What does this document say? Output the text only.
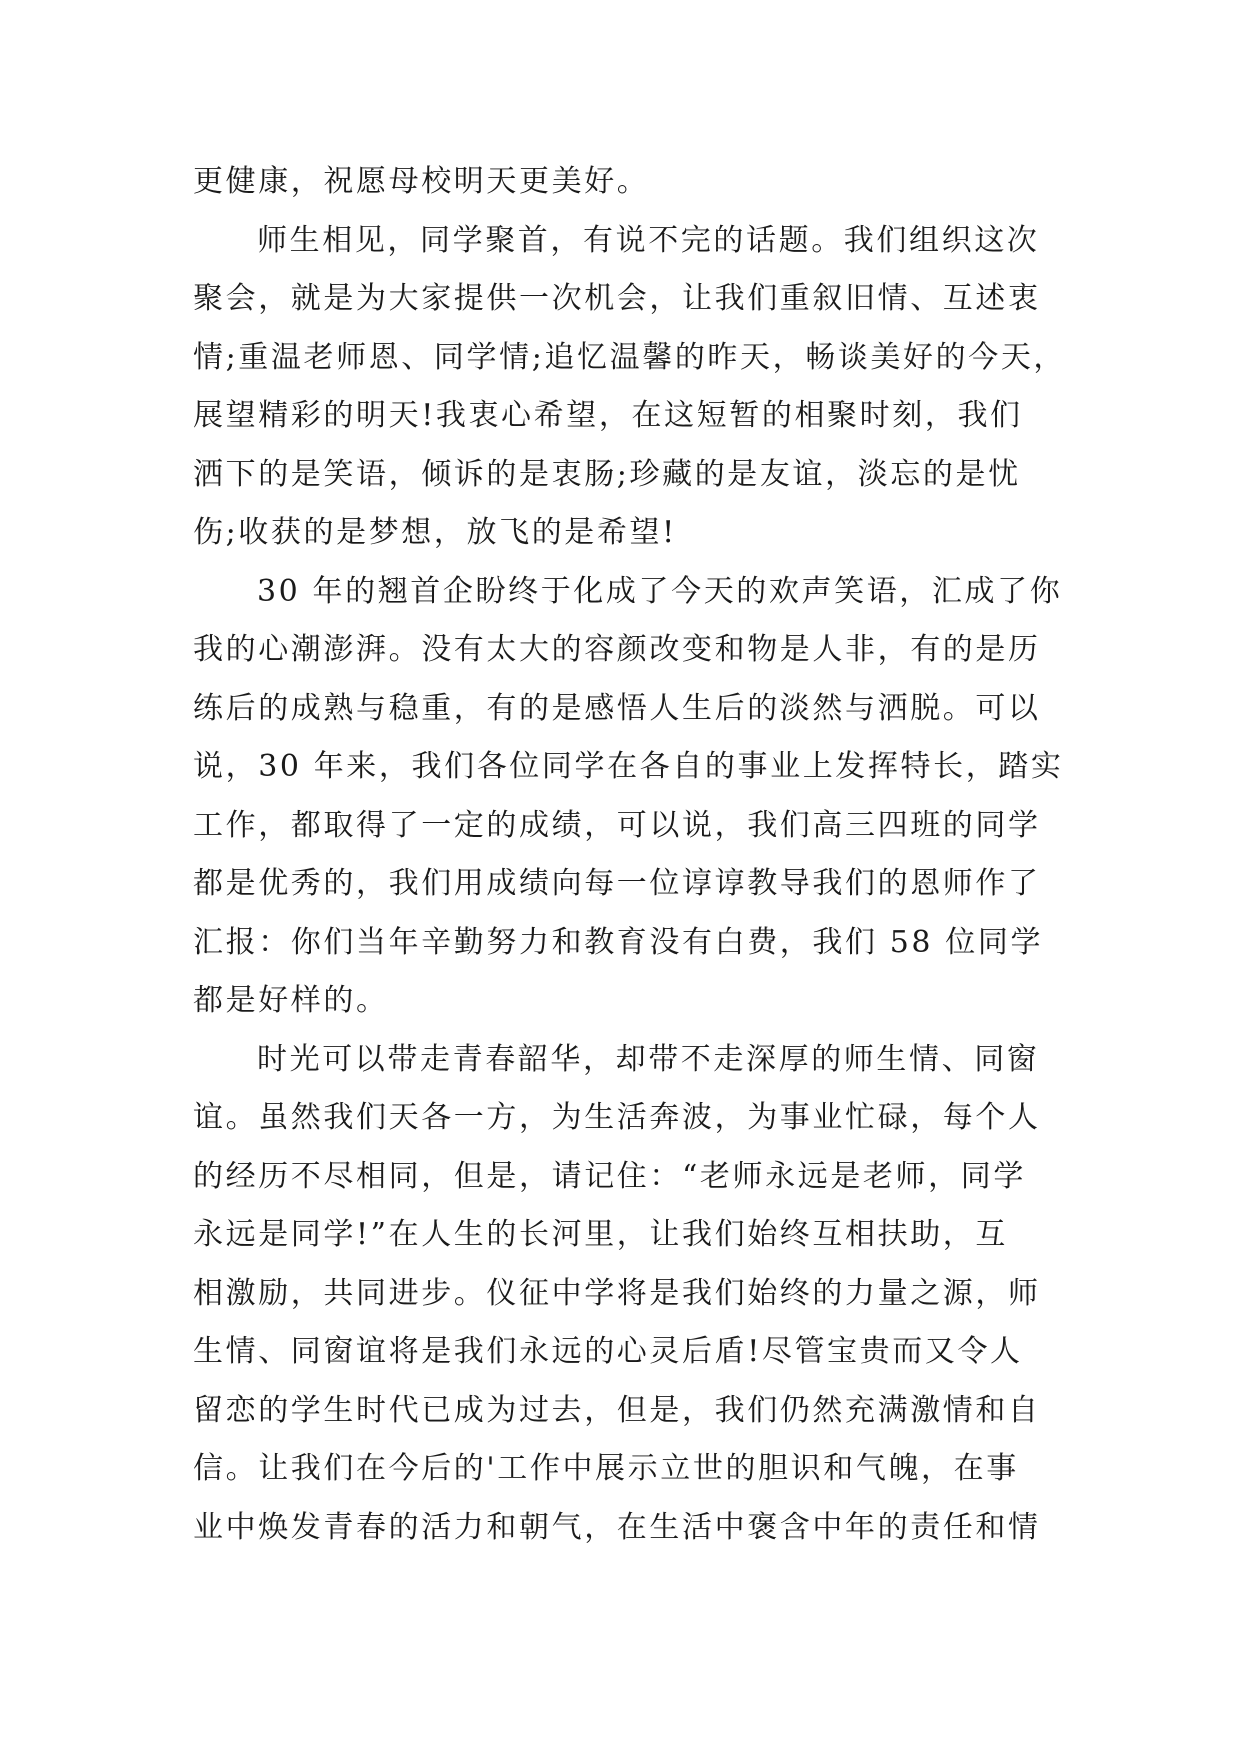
更健康，祝愿母校明天更美好。
师生相见，同学聚首，有说不完的话题。我们组织这次
聚会，就是为大家提供一次机会，让我们重叙旧情、互述衷
情;重温老师恩、同学情;追忆温馨的昨天，畅谈美好的今天，
展望精彩的明天!我衷心希望，在这短暂的相聚时刻，我们
洒下的是笑语，倾诉的是衷肠;珍藏的是友谊，淡忘的是忧
伤;收获的是梦想，放飞的是希望!
30 年的翘首企盼终于化成了今天的欢声笑语，汇成了你
我的心潮澎湃。没有太大的容颜改变和物是人非，有的是历
练后的成熟与稳重，有的是感悟人生后的淡然与洒脱。可以
说，30 年来，我们各位同学在各自的事业上发挥特长，踏实
工作，都取得了一定的成绩，可以说，我们高三四班的同学
都是优秀的，我们用成绩向每一位谆谆教导我们的恩师作了
汇报：你们当年辛勤努力和教育没有白费，我们 58 位同学
都是好样的。
时光可以带走青春韶华，却带不走深厚的师生情、同窗
谊。虽然我们天各一方，为生活奔波，为事业忙碌，每个人
的经历不尽相同，但是，请记住：“老师永远是老师，同学
永远是同学!”在人生的长河里，让我们始终互相扶助，互
相激励，共同进步。仪征中学将是我们始终的力量之源，师
生情、同窗谊将是我们永远的心灵后盾!尽管宝贵而又令人
留恋的学生时代已成为过去，但是，我们仍然充满激情和自
信。让我们在今后的'工作中展示立世的胆识和气魄，在事
业中焕发青春的活力和朝气，在生活中褒含中年的责任和情
